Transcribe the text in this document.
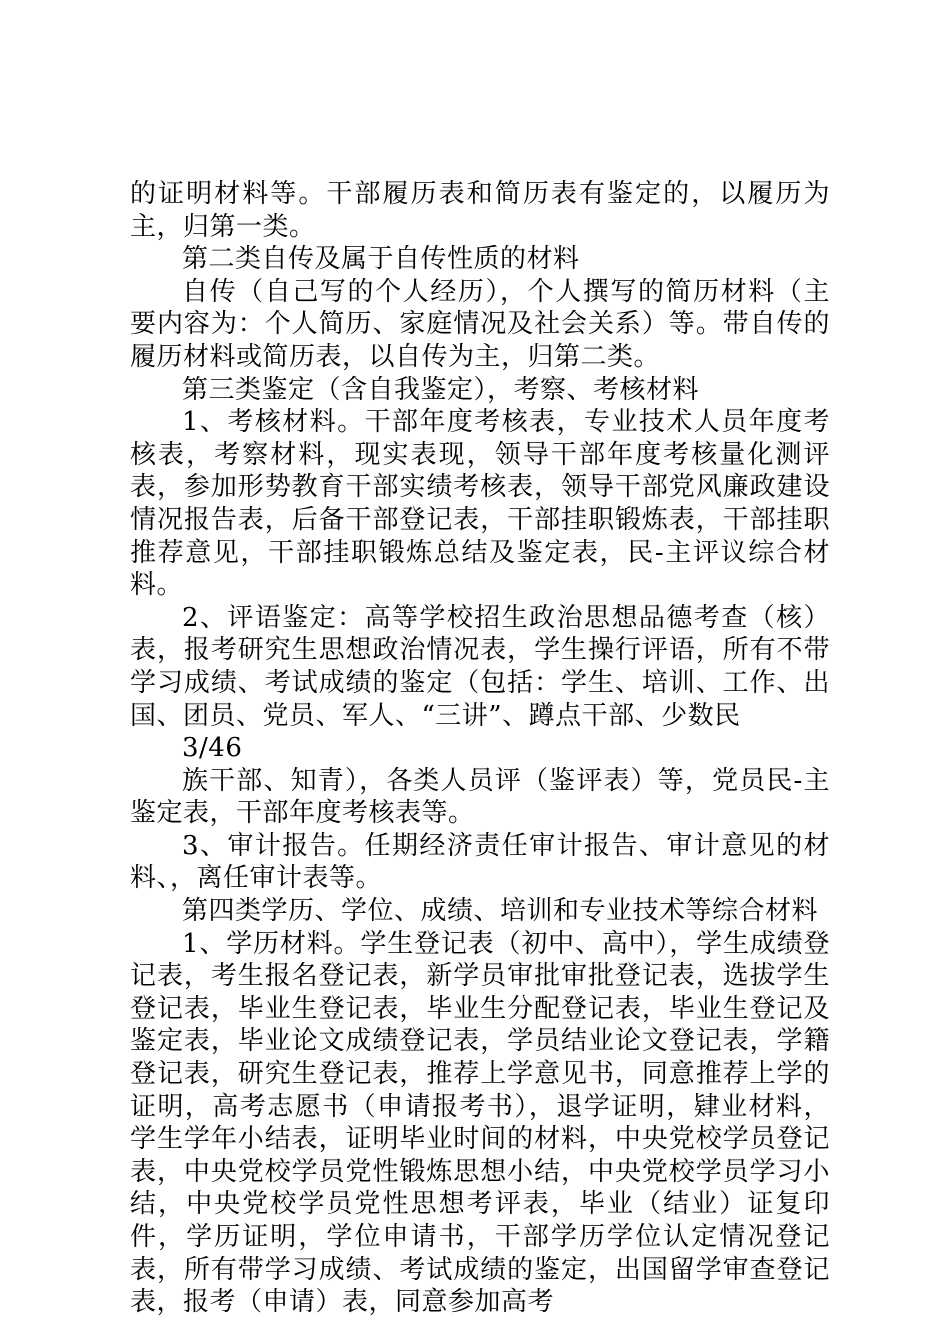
的证明材料等。干部履历表和简历表有鉴定的，以履历为主，归第一类。

第二类自传及属于自传性质的材料

自传（自己写的个人经历），个人撰写的简历材料（主要内容为：个人简历、家庭情况及社会关系）等。带自传的履历材料或简历表，以自传为主，归第二类。

第三类鉴定（含自我鉴定），考察、考核材料

1、考核材料。干部年度考核表，专业技术人员年度考核表，考察材料，现实表现，领导干部年度考核量化测评表，参加形势教育干部实绩考核表，领导干部党风廉政建设情况报告表，后备干部登记表，干部挂职锻炼表，干部挂职推荐意见，干部挂职锻炼总结及鉴定表，民-主评议综合材料。

2、评语鉴定：高等学校招生政治思想品德考查（核）表，报考研究生思想政治情况表，学生操行评语，所有不带学习成绩、考试成绩的鉴定（包括：学生、培训、工作、出国、团员、党员、军人、“三讲”、蹲点干部、少数民

3/46

族干部、知青），各类人员评（鉴评表）等，党员民-主鉴定表，干部年度考核表等。

3、审计报告。任期经济责任审计报告、审计意见的材料、，离任审计表等。

第四类学历、学位、成绩、培训和专业技术等综合材料

1、学历材料。学生登记表（初中、高中），学生成绩登记表，考生报名登记表，新学员审批审批登记表，选拔学生登记表，毕业生登记表，毕业生分配登记表，毕业生登记及鉴定表，毕业论文成绩登记表，学员结业论文登记表，学籍登记表，研究生登记表，推荐上学意见书，同意推荐上学的证明，高考志愿书（申请报考书），退学证明，肄业材料，学生学年小结表，证明毕业时间的材料，中央党校学员登记表，中央党校学员党性锻炼思想小结，中央党校学员学习小结，中央党校学员党性思想考评表，毕业（结业）证复印件，学历证明，学位申请书，干部学历学位认定情况登记表，所有带学习成绩、考试成绩的鉴定，出国留学审查登记表，报考（申请）表，同意参加高考
